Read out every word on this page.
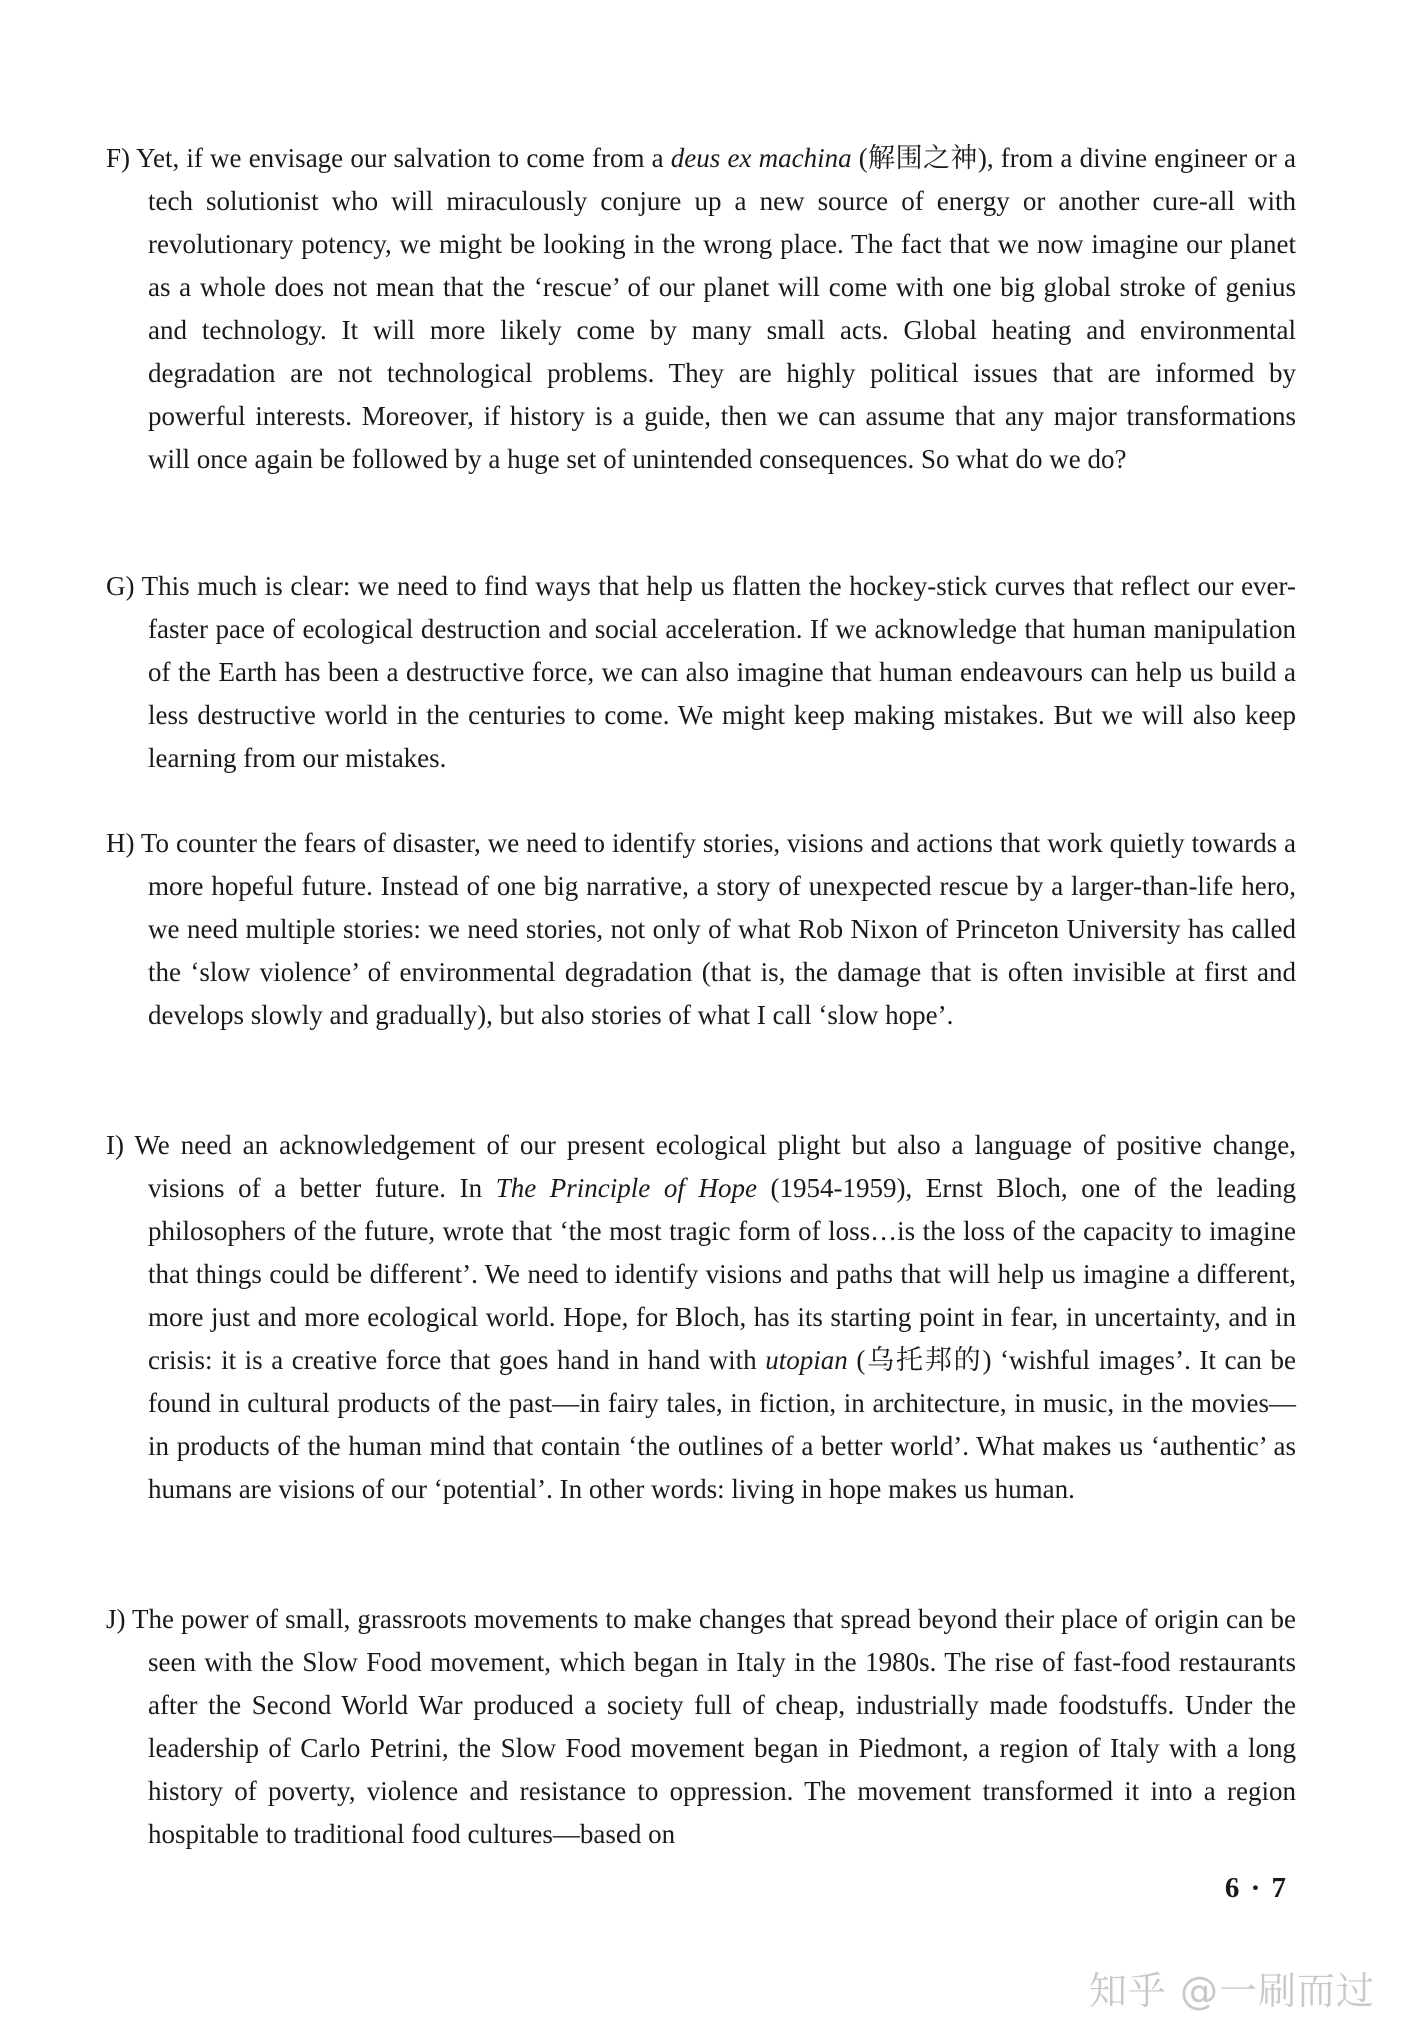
F) Yet, if we envisage our salvation to come from a deus ex machina (解围之神), from a divine engineer or a tech solutionist who will miraculously conjure up a new source of energy or another cure-all with revolutionary potency, we might be looking in the wrong place. The fact that we now imagine our planet as a whole does not mean that the ‘rescue’ of our planet will come with one big global stroke of genius and technology. It will more likely come by many small acts. Global heating and environmental degradation are not technological problems. They are highly political issues that are informed by powerful interests. Moreover, if history is a guide, then we can assume that any major transformations will once again be followed by a huge set of unintended consequences. So what do we do?

G) This much is clear: we need to find ways that help us flatten the hockey-stick curves that reflect our ever-faster pace of ecological destruction and social acceleration. If we acknowledge that human manipulation of the Earth has been a destructive force, we can also imagine that human endeavours can help us build a less destructive world in the centuries to come. We might keep making mistakes. But we will also keep learning from our mistakes.

H) To counter the fears of disaster, we need to identify stories, visions and actions that work quietly towards a more hopeful future. Instead of one big narrative, a story of unexpected rescue by a larger-than-life hero, we need multiple stories: we need stories, not only of what Rob Nixon of Princeton University has called the ‘slow violence’ of environmental degradation (that is, the damage that is often invisible at first and develops slowly and gradually), but also stories of what I call ‘slow hope’.

I) We need an acknowledgement of our present ecological plight but also a language of positive change, visions of a better future. In The Principle of Hope (1954-1959), Ernst Bloch, one of the leading philosophers of the future, wrote that ‘the most tragic form of loss…is the loss of the capacity to imagine that things could be different’. We need to identify visions and paths that will help us imagine a different, more just and more ecological world. Hope, for Bloch, has its starting point in fear, in uncertainty, and in crisis: it is a creative force that goes hand in hand with utopian (乌托邦的) ‘wishful images’. It can be found in cultural products of the past—in fairy tales, in fiction, in architecture, in music, in the movies—in products of the human mind that contain ‘the outlines of a better world’. What makes us ‘authentic’ as humans are visions of our ‘potential’. In other words: living in hope makes us human.

J) The power of small, grassroots movements to make changes that spread beyond their place of origin can be seen with the Slow Food movement, which began in Italy in the 1980s. The rise of fast-food restaurants after the Second World War produced a society full of cheap, industrially made foodstuffs. Under the leadership of Carlo Petrini, the Slow Food movement began in Piedmont, a region of Italy with a long history of poverty, violence and resistance to oppression. The movement transformed it into a region hospitable to traditional food cultures—based on

6 · 7
知乎 @一刷而过
